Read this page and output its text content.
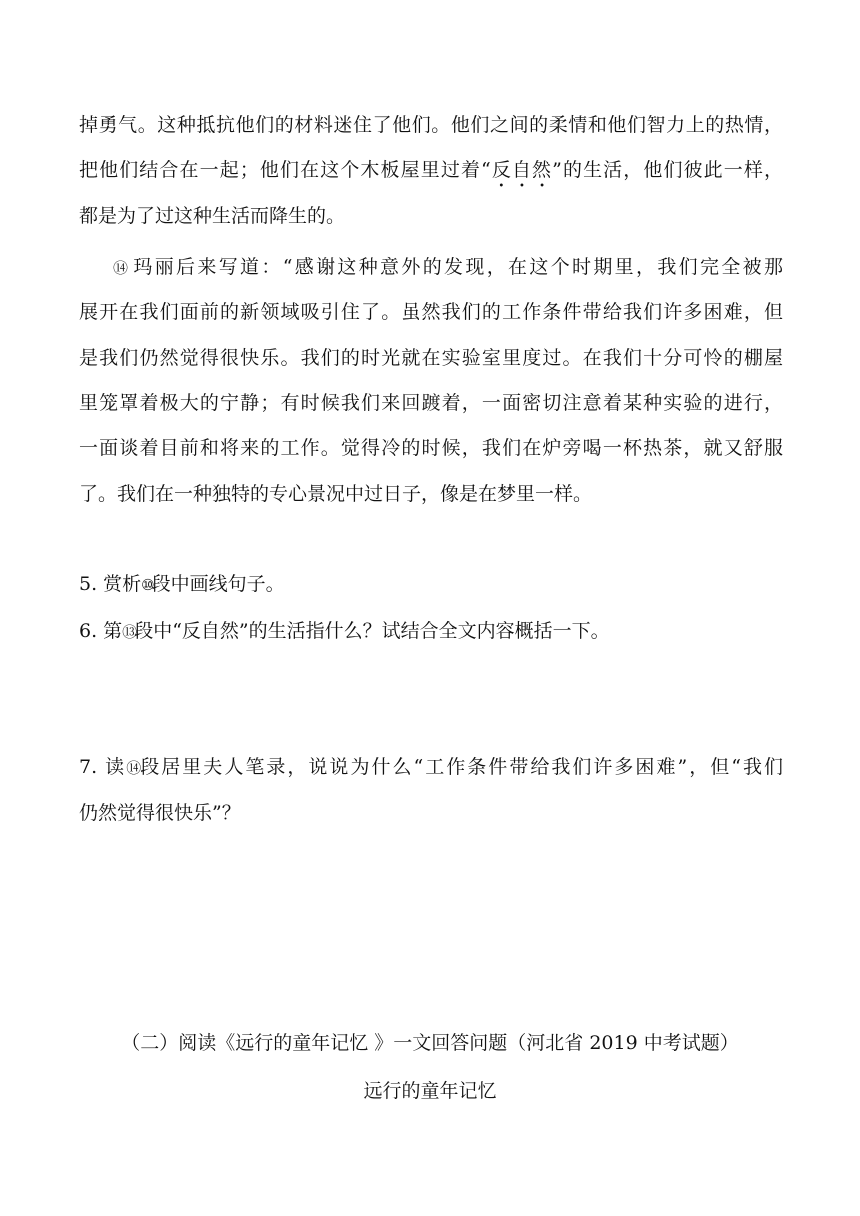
掉勇气。这种抵抗他们的材料迷住了他们。他们之间的柔情和他们智力上的热情，
把他们结合在一起；他们在这个木板屋里过着“反自然”的生活，他们彼此一样，
都是为了过这种生活而降生的。
⑭ 玛丽后来写道：“感谢这种意外的发现，在这个时期里，我们完全被那
展开在我们面前的新领域吸引住了。虽然我们的工作条件带给我们许多困难，但
是我们仍然觉得很快乐。我们的时光就在实验室里度过。在我们十分可怜的棚屋
里笼罩着极大的宁静；有时候我们来回踱着，一面密切注意着某种实验的进行，
一面谈着目前和将来的工作。觉得冷的时候，我们在炉旁喝一杯热茶，就又舒服
了。我们在一种独特的专心景况中过日子，像是在梦里一样。
5. 赏析⑩ 段中画线句子。
6. 第⑬ 段中“反自然”的生活指什么？试结合全文内容概括一下。
7. 读⑭ 段居里夫人笔录，说说为什么“工作条件带给我们许多困难”，但“我们
仍然觉得很快乐”？
（二）阅读《远行的童年记忆 》一文回答问题（河北省 2019 中考试题）
远行的童年记忆
